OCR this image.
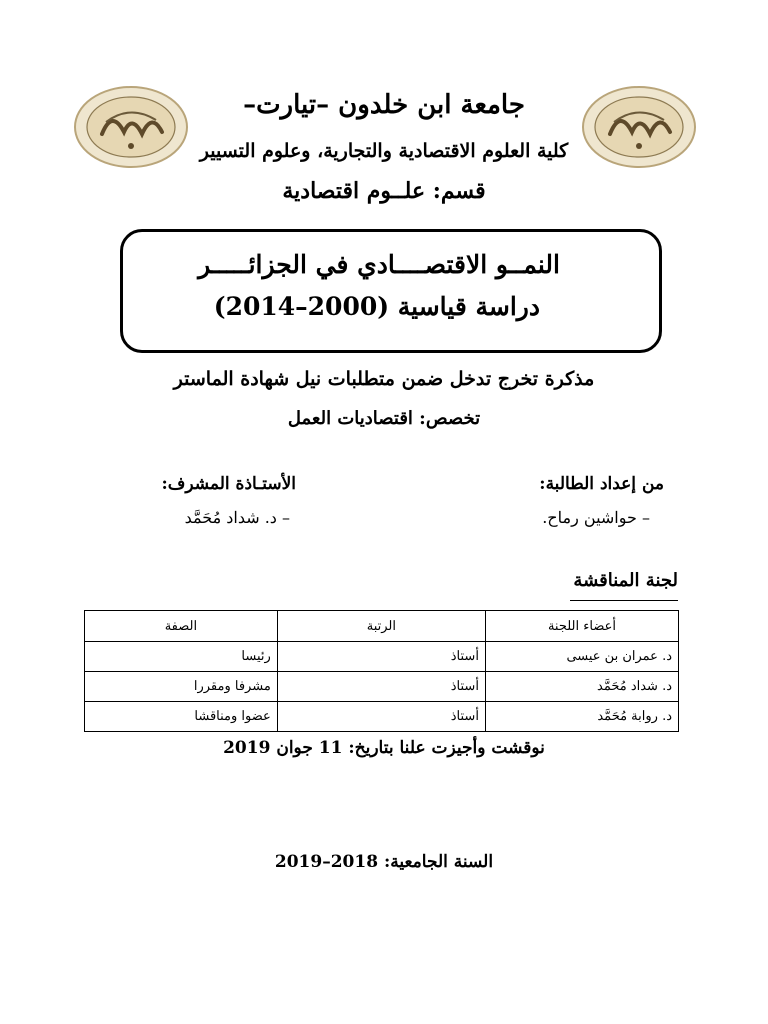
جامعة ابن خلدون –تيارت–
كلية العلوم الاقتصادية والتجارية، وعلوم التسيير
قسم: علــوم اقتصادية
النمــو الاقتصــــادي في الجزائـــــر
دراسة قياسية (2000–2014)
مذكرة تخرج تدخل ضمن متطلبات نيل شهادة الماستر
تخصص: اقتصاديات العمل
من إعداد الطالبة:
– حواشين رماح.
الأستـاذة المشرف:
– د. شداد مُحَمَّد
لجنة المناقشة
أعضاء اللجنة	الرتبة	الصفة
د. عمران بن عيسى	أستاذ	رئيسا
د. شداد مُحَمَّد	أستاذ	مشرفا ومقررا
د. روابة مُحَمَّد	أستاذ	عضوا ومناقشا
نوقشت وأجيزت علنا بتاريخ: 11 جوان 2019
السنة الجامعية: 2018–2019
